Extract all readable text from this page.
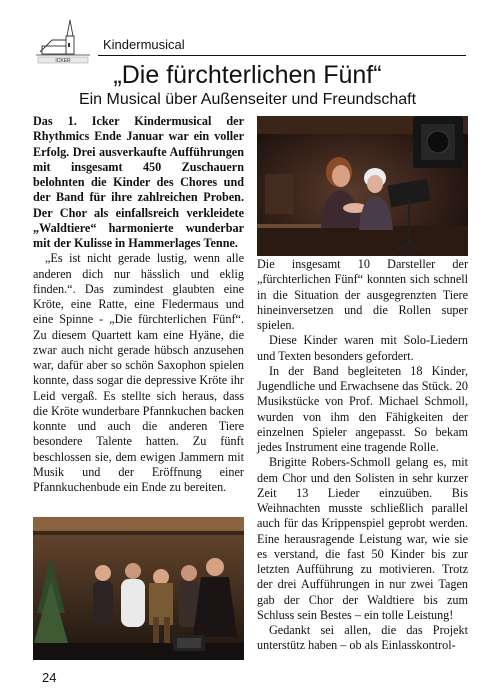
ICKER
Kindermusical
„Die fürchterlichen Fünf“
Ein Musical über Außenseiter und Freundschaft

Das 1. Icker Kindermusical der Rhythmics Ende Januar war ein voller Erfolg. Drei ausverkaufte Aufführungen mit insgesamt 450 Zuschauern belohnten die Kinder des Chores und der Band für ihre zahlreichen Proben. Der Chor als einfallsreich verkleidete „Waldtiere“ harmonierte wunderbar mit der Kulisse in Hammerlages Tenne.

„Es ist nicht gerade lustig, wenn alle anderen dich nur hässlich und eklig finden.“. Das zumindest glaubten eine Kröte, eine Ratte, eine Fledermaus und eine Spinne - „Die fürchterlichen Fünf“. Zu diesem Quartett kam eine Hyäne, die zwar auch nicht gerade hübsch anzusehen war, dafür aber so schön Saxophon spielen konnte, dass sogar die depressive Kröte ihr Leid vergaß. Es stellte sich heraus, dass die Kröte wunderbare Pfannkuchen backen konnte und auch die anderen Tiere besondere Talente hatten. Zu fünft beschlossen sie, dem ewigen Jammern mit Musik und der Eröffnung einer Pfannkuchenbude ein Ende zu bereiten.

Die insgesamt 10 Darsteller der „fürchterlichen Fünf“ konnten sich schnell in die Situation der ausgegrenzten Tiere hineinversetzen und die Rollen super spielen.

Diese Kinder waren mit Solo-Liedern und Texten besonders gefordert.

In der Band begleiteten 18 Kinder, Jugendliche und Erwachsene das Stück. 20 Musikstücke von Prof. Michael Schmoll, wurden von ihm den Fähigkeiten der einzelnen Spieler angepasst. So bekam jedes Instrument eine tragende Rolle.

Brigitte Robers-Schmoll gelang es, mit dem Chor und den Solisten in sehr kurzer Zeit 13 Lieder einzuüben. Bis Weihnachten musste schließlich parallel auch für das Krippenspiel geprobt werden. Eine herausragende Leistung war, wie sie es verstand, die fast 50 Kinder bis zur letzten Aufführung zu motivieren. Trotz der drei Aufführungen in nur zwei Tagen gab der Chor der Waldtiere bis zum Schluss sein Bestes – ein tolle Leistung!

Gedankt sei allen, die das Projekt unterstütz haben – ob als Einlasskontrol-

24
